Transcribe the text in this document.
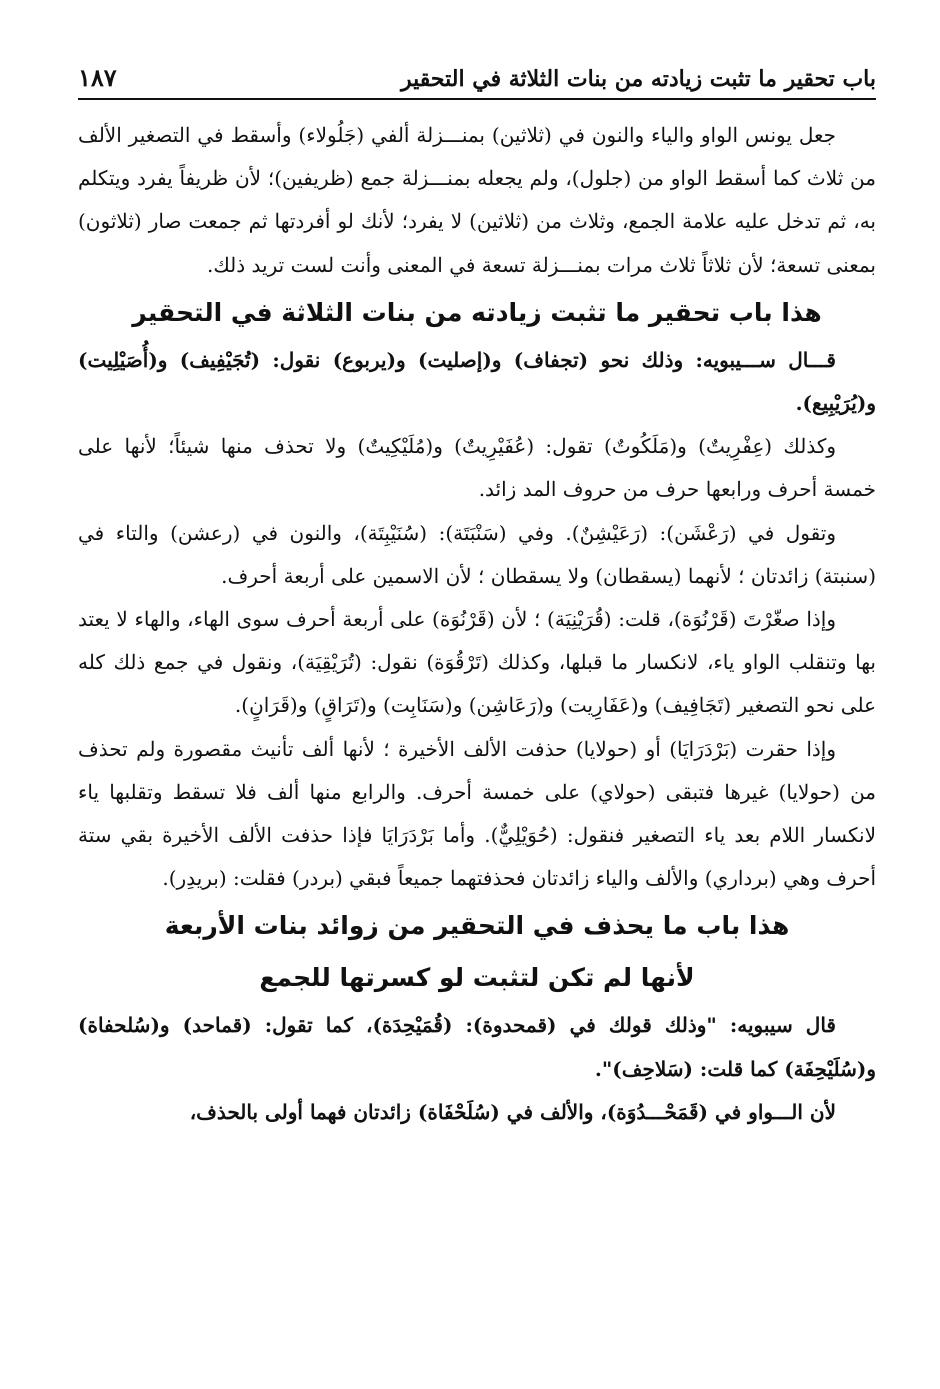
باب تحقير ما تثبت زيادته من بنات الثلاثة في التحقير
١٨٧

جعل يونس الواو والياء والنون في (ثلاثين) بمنـــزلة ألفي (جَلُولاء) وأسقط في التصغير الألف من ثلاث كما أسقط الواو من (جلول)، ولم يجعله بمنـــزلة جمع (ظريفين)؛ لأن ظريفاً يفرد ويتكلم به، ثم تدخل عليه علامة الجمع، وثلاث من (ثلاثين) لا يفرد؛ لأنك لو أفردتها ثم جمعت صار (ثلاثون) بمعنى تسعة؛ لأن ثلاثاً ثلاث مرات بمنـــزلة تسعة في المعنى وأنت لست تريد ذلك.

هذا باب تحقير ما تثبت زيادته من بنات الثلاثة في التحقير

قـــال ســـيبويه: وذلك نحو (تجفاف) و(إصليت) و(يربوع) نقول: (تُجَيْفِيف) و(أُصَيْلِيت) و(يُرَيْبِيع).

وكذلك (عِفْرِيتٌ) و(مَلَكُوتٌ) تقول: (عُفَيْرِيتٌ) و(مُلَيْكِيتٌ) ولا تحذف منها شيئاً؛ لأنها على خمسة أحرف ورابعها حرف من حروف المد زائد.

وتقول في (رَعْشَن): (رَعَيْشِنٌ). وفي (سَنْبَتَة): (سُنَيْبِتَة)، والنون في (رعشن) والتاء في (سنبتة) زائدتان ؛ لأنهما (يسقطان) ولا يسقطان ؛ لأن الاسمين على أربعة أحرف.

وإذا صغّرْتَ (قَرْنُوَة)، قلت: (قُرَيْنِيَة) ؛ لأن (قَرْنُوَة) على أربعة أحرف سوى الهاء، والهاء لا يعتد بها وتنقلب الواو ياء، لانكسار ما قبلها، وكذلك (تَرْقُوَة) نقول: (تُرَيْقِيَة)، ونقول في جمع ذلك كله على نحو التصغير (تَجَافِيف) و(عَفَارِيت) و(رَعَاشِن) و(سَنَابِت) و(تَرَاقٍ) و(قَرَانٍ).

وإذا حقرت (بَرْدَرَايَا) أو (حولايا) حذفت الألف الأخيرة ؛ لأنها ألف تأنيث مقصورة ولم تحذف من (حولايا) غيرها فتبقى (حولاي) على خمسة أحرف. والرابع منها ألف فلا تسقط وتقلبها ياء لانكسار اللام بعد ياء التصغير فنقول: (حُوَيْلِيٌّ). وأما بَرْدَرَايَا فإذا حذفت الألف الأخيرة بقي ستة أحرف وهي (برداري) والألف والياء زائدتان فحذفتهما جميعاً فبقي (بردر) فقلت: (بريدِر).

هذا باب ما يحذف في التحقير من زوائد بنات الأربعة
لأنها لم تكن لتثبت لو كسرتها للجمع

قال سيبويه: "وذلك قولك في (قمحدوة): (قُمَيْحِدَة)، كما تقول: (قماحد) و(سُلحفاة) و(سُلَيْحِفَة) كما قلت: (سَلاحِف)".

لأن الـــواو في (قَمَحْـــدُوَة)، والألف في (سُلَحْفَاة) زائدتان فهما أولى بالحذف،
